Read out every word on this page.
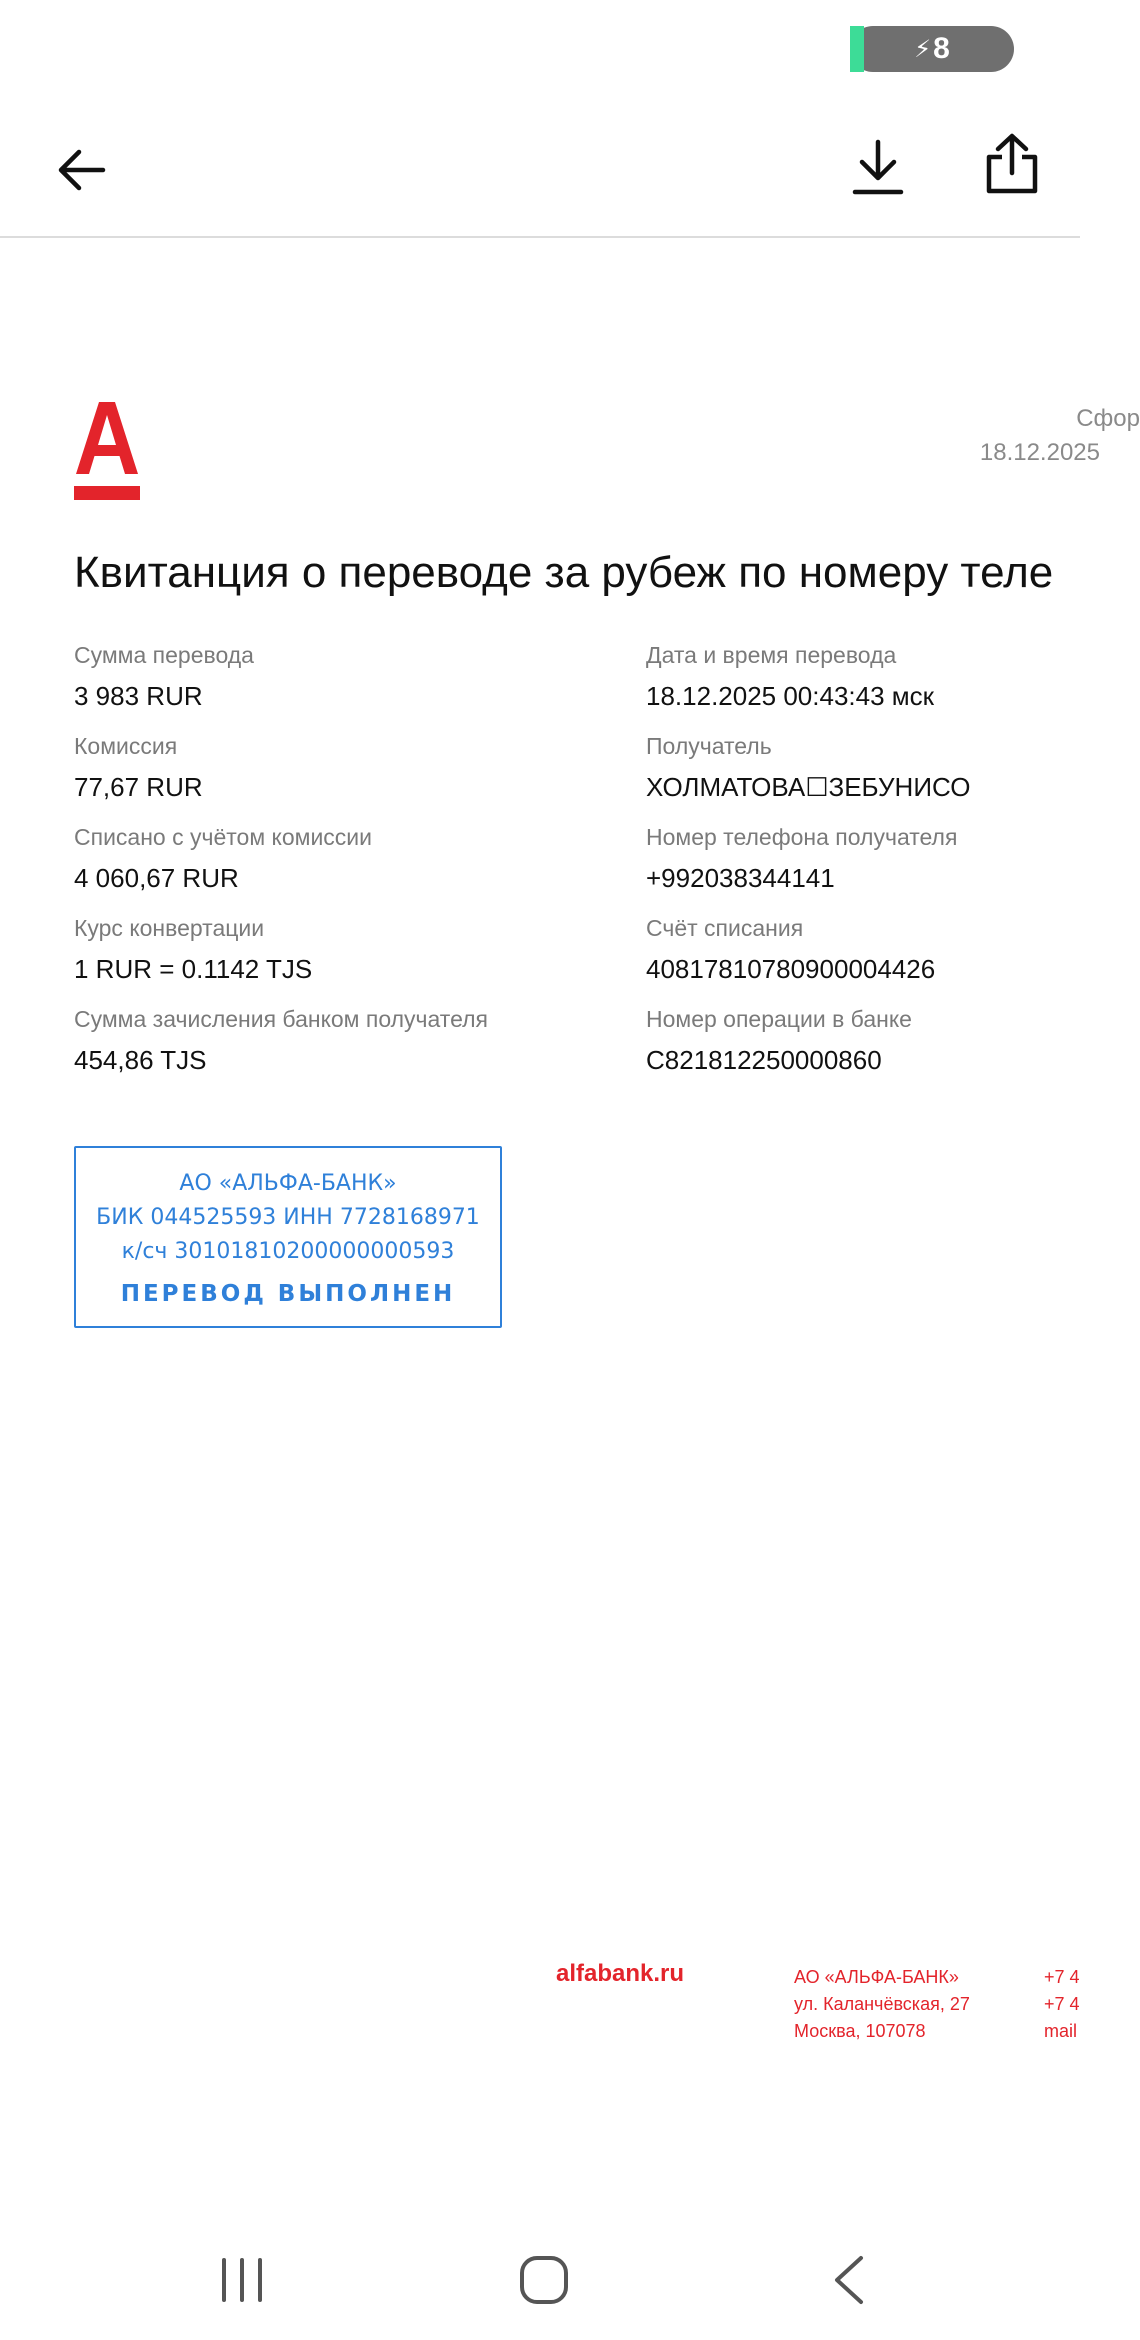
⚡ 8
Сфор
18.12.2025
Квитанция о переводе за рубеж по номеру теле
Сумма перевода
3 983 RUR
Комиссия
77,67 RUR
Списано с учётом комиссии
4 060,67 RUR
Курс конвертации
1 RUR = 0.1142 TJS
Сумма зачисления банком получателя
454,86 TJS
Дата и время перевода
18.12.2025 00:43:43 мск
Получатель
ХОЛМАТОВА☐ЗЕБУНИСО
Номер телефона получателя
+992038344141
Счёт списания
40817810780900004426
Номер операции в банке
C821812250000860
АО «АЛЬФА-БАНК»
БИК 044525593 ИНН 7728168971
к/сч 30101810200000000593
ПЕРЕВОД ВЫПОЛНЕН
alfabank.ru	АО «АЛЬФА-БАНК»
ул. Каланчёвская, 27
Москва, 107078
+7 4
+7 4
mail
